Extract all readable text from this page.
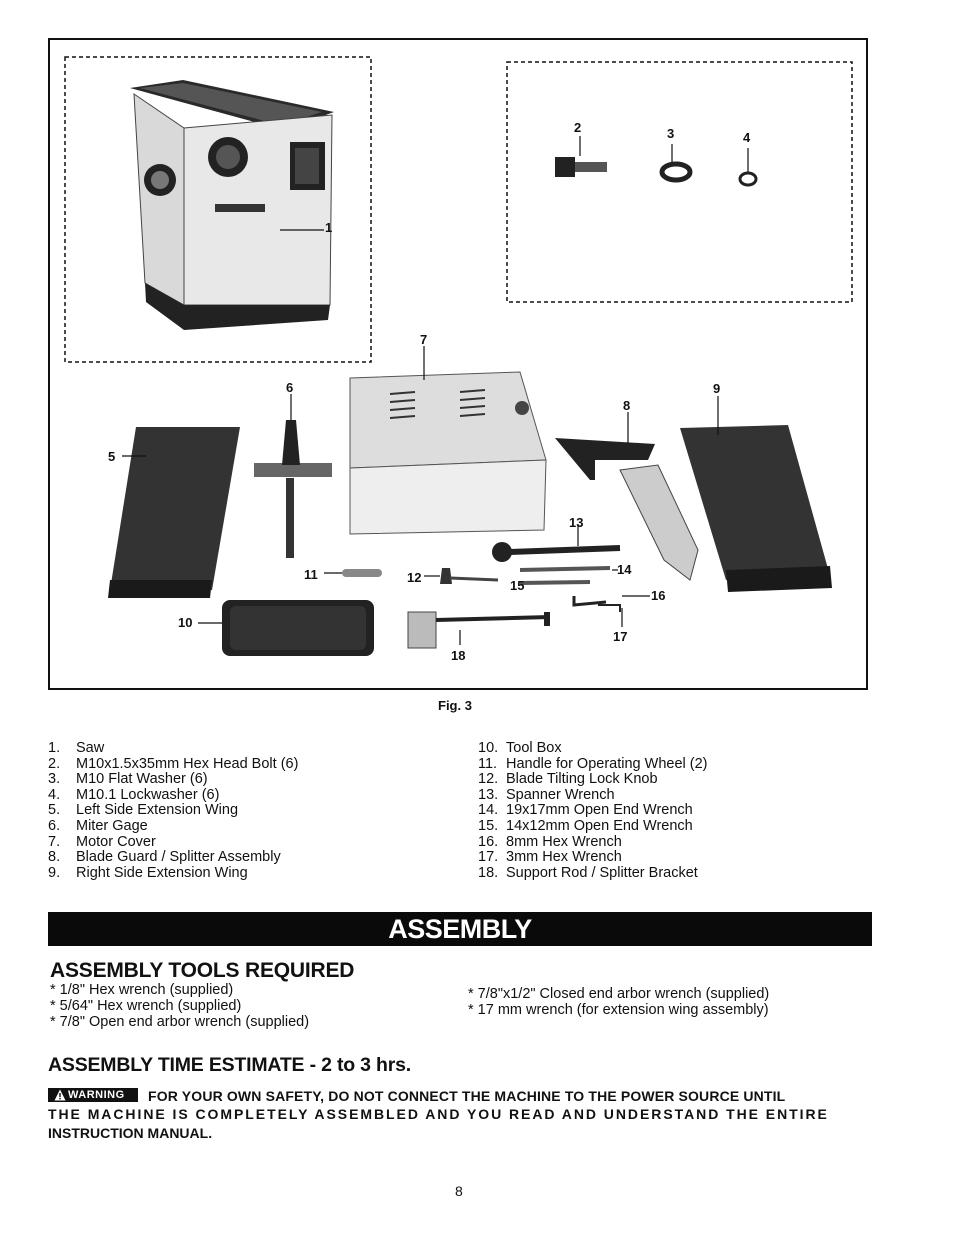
1
2	3	4
5
6
7
8
9
10
11	12
13
14
15
16
17
18
Fig. 3
1. Saw
2. M10x1.5x35mm Hex Head Bolt (6)
3. M10 Flat Washer (6)
4. M10.1 Lockwasher (6)
5. Left Side Extension Wing
6. Miter Gage
7. Motor Cover
8. Blade Guard / Splitter Assembly
9. Right Side Extension Wing
10. Tool Box
11. Handle for Operating Wheel (2)
12. Blade Tilting Lock Knob
13. Spanner Wrench
14. 19x17mm Open End Wrench
15. 14x12mm Open End Wrench
16. 8mm Hex Wrench
17. 3mm Hex Wrench
18. Support Rod / Splitter Bracket
ASSEMBLY
ASSEMBLY TOOLS REQUIRED
* 1/8" Hex wrench (supplied)
* 5/64" Hex wrench (supplied)
* 7/8" Open end arbor wrench (supplied)
* 7/8"x1/2" Closed end arbor wrench (supplied)
* 17 mm wrench (for extension wing assembly)
ASSEMBLY TIME ESTIMATE - 2 to 3 hrs.
WARNING FOR YOUR OWN SAFETY, DO NOT CONNECT THE MACHINE TO THE POWER SOURCE UNTIL
THE MACHINE IS COMPLETELY ASSEMBLED AND YOU READ AND UNDERSTAND THE ENTIRE
INSTRUCTION MANUAL.
8
